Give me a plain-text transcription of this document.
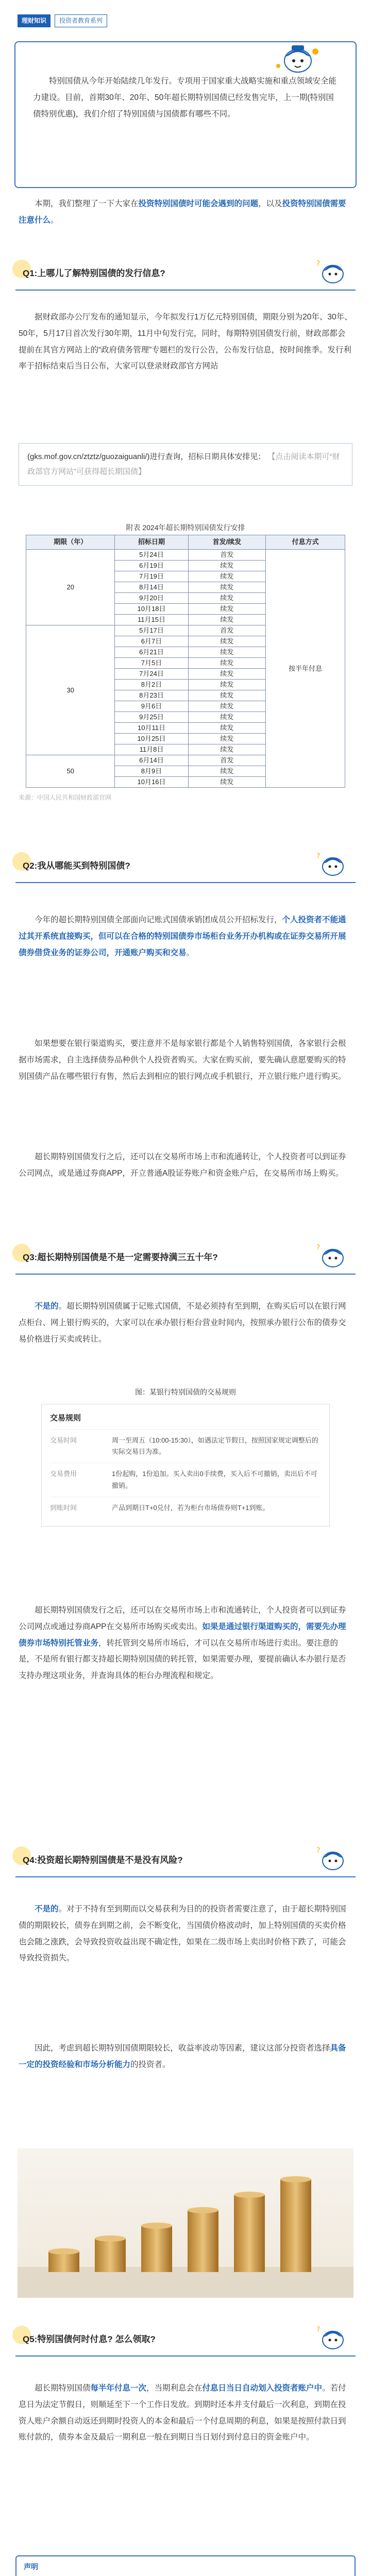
理财知识	投资者教育系列

特别国债从今年开始陆续几年发行。专项用于国家重大战略实施和重点领域安全能力建设。目前，首期30年、20年、50年超长期特别国债已经发售完毕，上一期(特别国债特别优惠)，我们介绍了特别国债与国债都有哪些不同。

本期，我们整理了一下大家在投资特别国债时可能会遇到的问题，以及投资特别国债需要注意什么。

Q1:上哪儿了解特别国债的发行信息?
?

据财政部办公厅发布的通知显示，今年拟发行1万亿元特别国债，期限分别为20年、30年、50年，5月17日首次发行30年期，11月中旬发行完，同时，每期特别国债发行前，财政部都会提前在其官方网站上的“政府债务管理”专题栏的发行公告，公布发行信息，按时间推季。发行利率于招标结束后当日公布，大家可以登录财政部官方网站

(gks.mof.gov.cn/ztztz/guozaiguanli/)进行查询，招标日期具体安排见： 【点击阅读本期可“财政部官方网站”可获得超长期国债】
附表 2024年超长期特别国债发行安排
期限（年）	招标日期	首发/续发	付息方式
20	5月24日	首发	按半年付息
	6月19日	续发	
	7月19日	续发	
	8月14日	续发	
	9月20日	续发	
	10月18日	续发	
	11月15日	续发	
30	5月17日	首发	
	6月7日	续发	
	6月21日	续发	
	7月5日	续发	
	7月24日	续发	
	8月2日	续发	
	8月23日	续发	
	9月6日	续发	
	9月25日	续发	
	10月11日	续发	
	10月25日	续发	
	11月8日	续发	
50	6月14日	首发	
	8月9日	续发	
	10月16日	续发	
来源：中国人民共和国财政部官网
Q2:我从哪能买到特别国债?
?

今年的超长期特别国债全部面向记账式国债承销团成员公开招标发行，个人投资者不能通过其开系统直接购买，但可以在合格的特别国债券市场柜台业务开办机构或在证券交易所开展债券借贷业务的证券公司，开通账户购买和交易。

如果想要在银行渠道购买，要注意并不是每家银行都是个人销售特别国债，各家银行会根据市场需求，自主选择债券品种供个人投资者购买。大家在购买前，要先确认意愿要购买的特别国债产品在哪些银行有售，然后去到相应的银行网点或手机银行，开立银行账户进行购买。

超长期特别国债发行之后，还可以在交易所市场上市和流通转让，个人投资者可以到证券公司网点，或是通过券商APP，开立普通A股证券账户和资金账户后，在交易所市场上购买。

Q3:超长期特别国债是不是一定需要持满三五十年?
?

不是的。超长期特别国债属于记账式国债，不是必须持有至到期，在购买后可以在银行网点柜台、网上银行购买的，大家可以在承办银行柜台营业时间内，按照承办银行公布的债券交易价格进行买卖或转让。

图：某银行特别国债的交易规则
交易规则
交易时间	周一至周五（10:00-15:30），如遇法定节假日，按照国家规定调整后的实际交易日为准。
交易费用	1份起购，1份追加。买入卖出0手续费，买入后不可撤销，卖出后不可撤销。
到账时间	产品到期日T+0兑付，若为柜台市场债券则T+1到账。

超长期特别国债发行之后，还可以在交易所市场上市和流通转让，个人投资者可以到证券公司网点或通过券商APP在交易所市场购买或卖出。如果是通过银行渠道购买的，需要先办理债券市场特别托管业务，转托管到交易所市场后，才可以在交易所市场进行卖出。要注意的是，不是所有银行都支持超长期特别国债的转托管，如果需要办理，要提前确认本办银行是否支持办理这项业务，并查询具体的柜台办理流程和规定。

Q4:投资超长期特别国债是不是没有风险?
?

不是的。对于不持有至到期而以交易获利为目的的投资者需要注意了，由于超长期特别国债的期限较长，债券在到期之前，会不断变化，当国债价格波动时，加上特别国债的买卖价格也会随之涨跌，会导致投资收益出现不确定性，如果在二级市场上卖出时价格下跌了，可能会导致投资损失。

因此，考虑到超长期特别国债期限较长，收益率波动等因素，建议这部分投资者选择具备一定的投资经验和市场分析能力的投资者。

Q5:特别国债何时付息? 怎么领取?
?

超长期特别国债每半年付息一次，当期利息会在付息日当日自动划入投资者账户中。若付息日为法定节假日，则顺延至下一个工作日发放。到期时还本并支付最后一次利息，到期在投资人账户余额自动返还到期时投资人的本金和最后一个付息周期的利息，如果是按照付款日到账付款的，债券本金及最后一期利息一般在到期日当日划付到付息日的资金账户中。

声明
